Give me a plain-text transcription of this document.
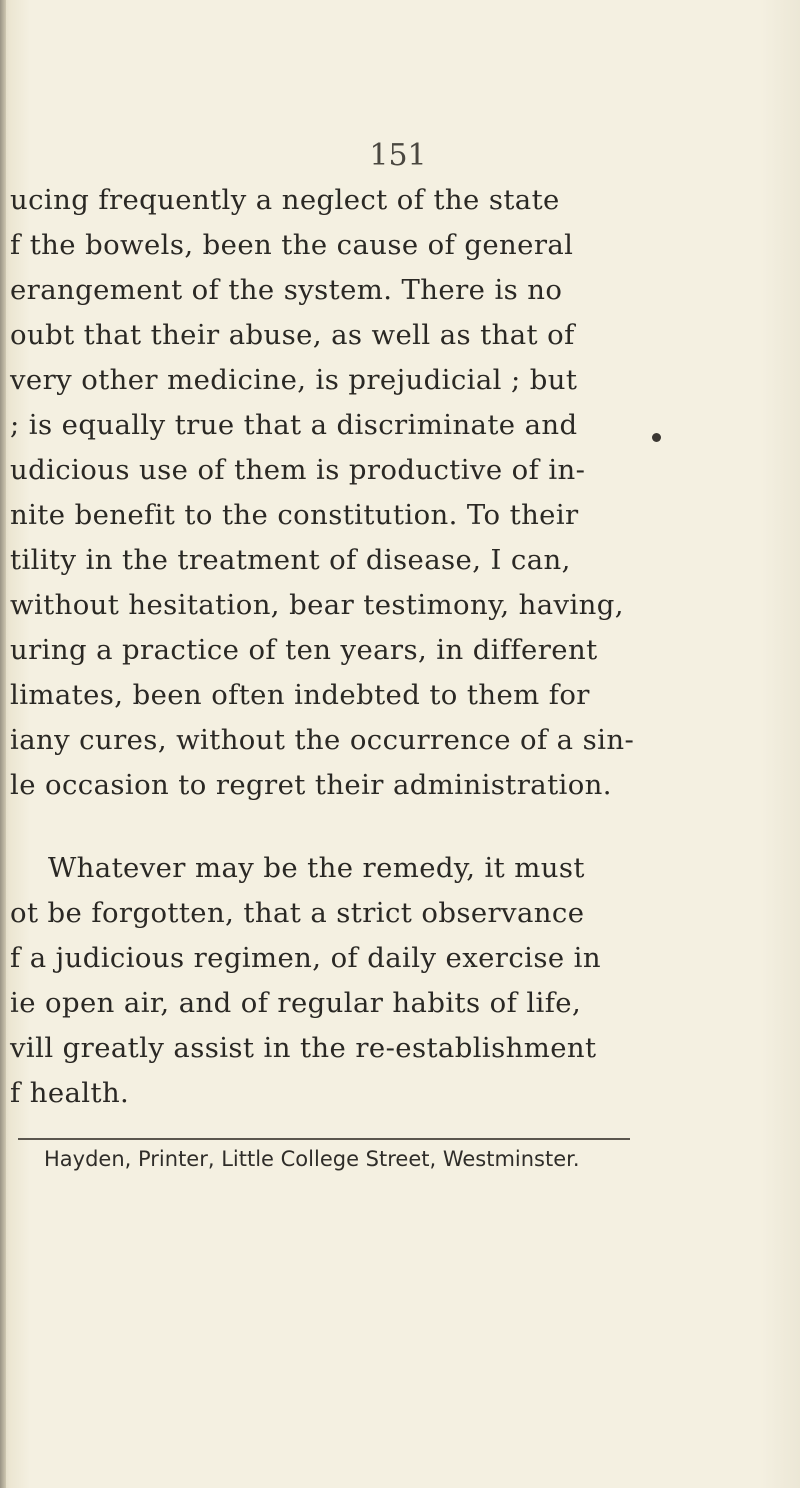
151
ucing frequently a neglect of the state
f the bowels, been the cause of general
erangement of the system. There is no
oubt that their abuse, as well as that of
very other medicine, is prejudicial ; but
; is equally true that a discriminate and
udicious use of them is productive of in-
nite benefit to the constitution. To their
tility in the treatment of disease, I can,
without hesitation, bear testimony, having,
uring a practice of ten years, in different
limates, been often indebted to them for
iany cures, without the occurrence of a sin-
le occasion to regret their administration.
Whatever may be the remedy, it must
ot be forgotten, that a strict observance
f a judicious regimen, of daily exercise in
ie open air, and of regular habits of life,
vill greatly assist in the re-establishment
f health.
Hayden, Printer, Little College Street, Westminster.
